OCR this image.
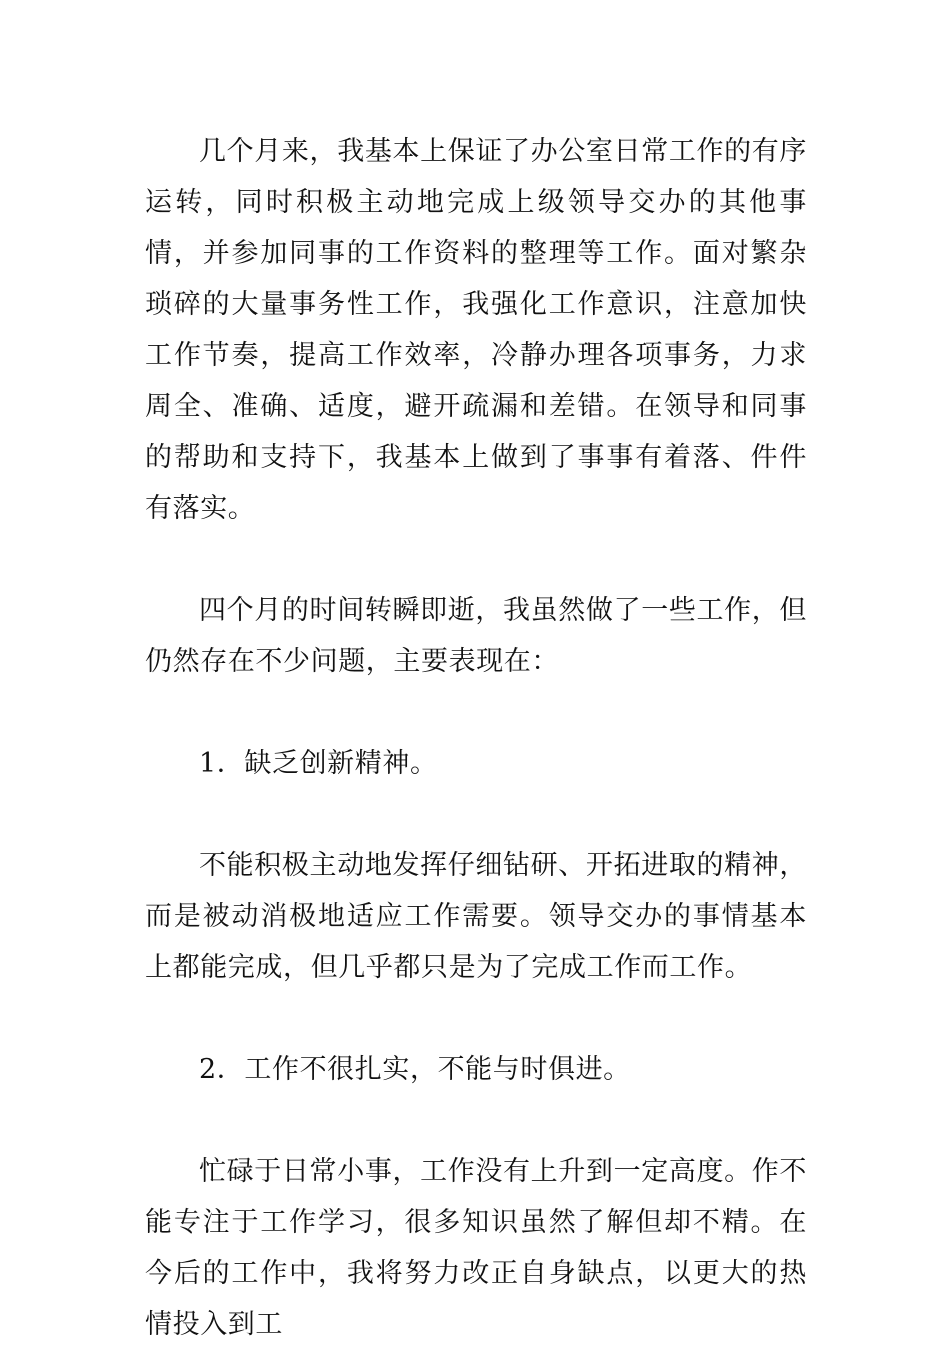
几个月来，我基本上保证了办公室日常工作的有序运转，同时积极主动地完成上级领导交办的其他事情，并参加同事的工作资料的整理等工作。面对繁杂琐碎的大量事务性工作，我强化工作意识，注意加快工作节奏，提高工作效率，冷静办理各项事务，力求周全、准确、适度，避开疏漏和差错。在领导和同事的帮助和支持下，我基本上做到了事事有着落、件件有落实。

四个月的时间转瞬即逝，我虽然做了一些工作，但仍然存在不少问题，主要表现在：

1．缺乏创新精神。

不能积极主动地发挥仔细钻研、开拓进取的精神，而是被动消极地适应工作需要。领导交办的事情基本上都能完成，但几乎都只是为了完成工作而工作。

2．工作不很扎实，不能与时俱进。

忙碌于日常小事，工作没有上升到一定高度。作不能专注于工作学习，很多知识虽然了解但却不精。在今后的工作中，我将努力改正自身缺点，以更大的热情投入到工
